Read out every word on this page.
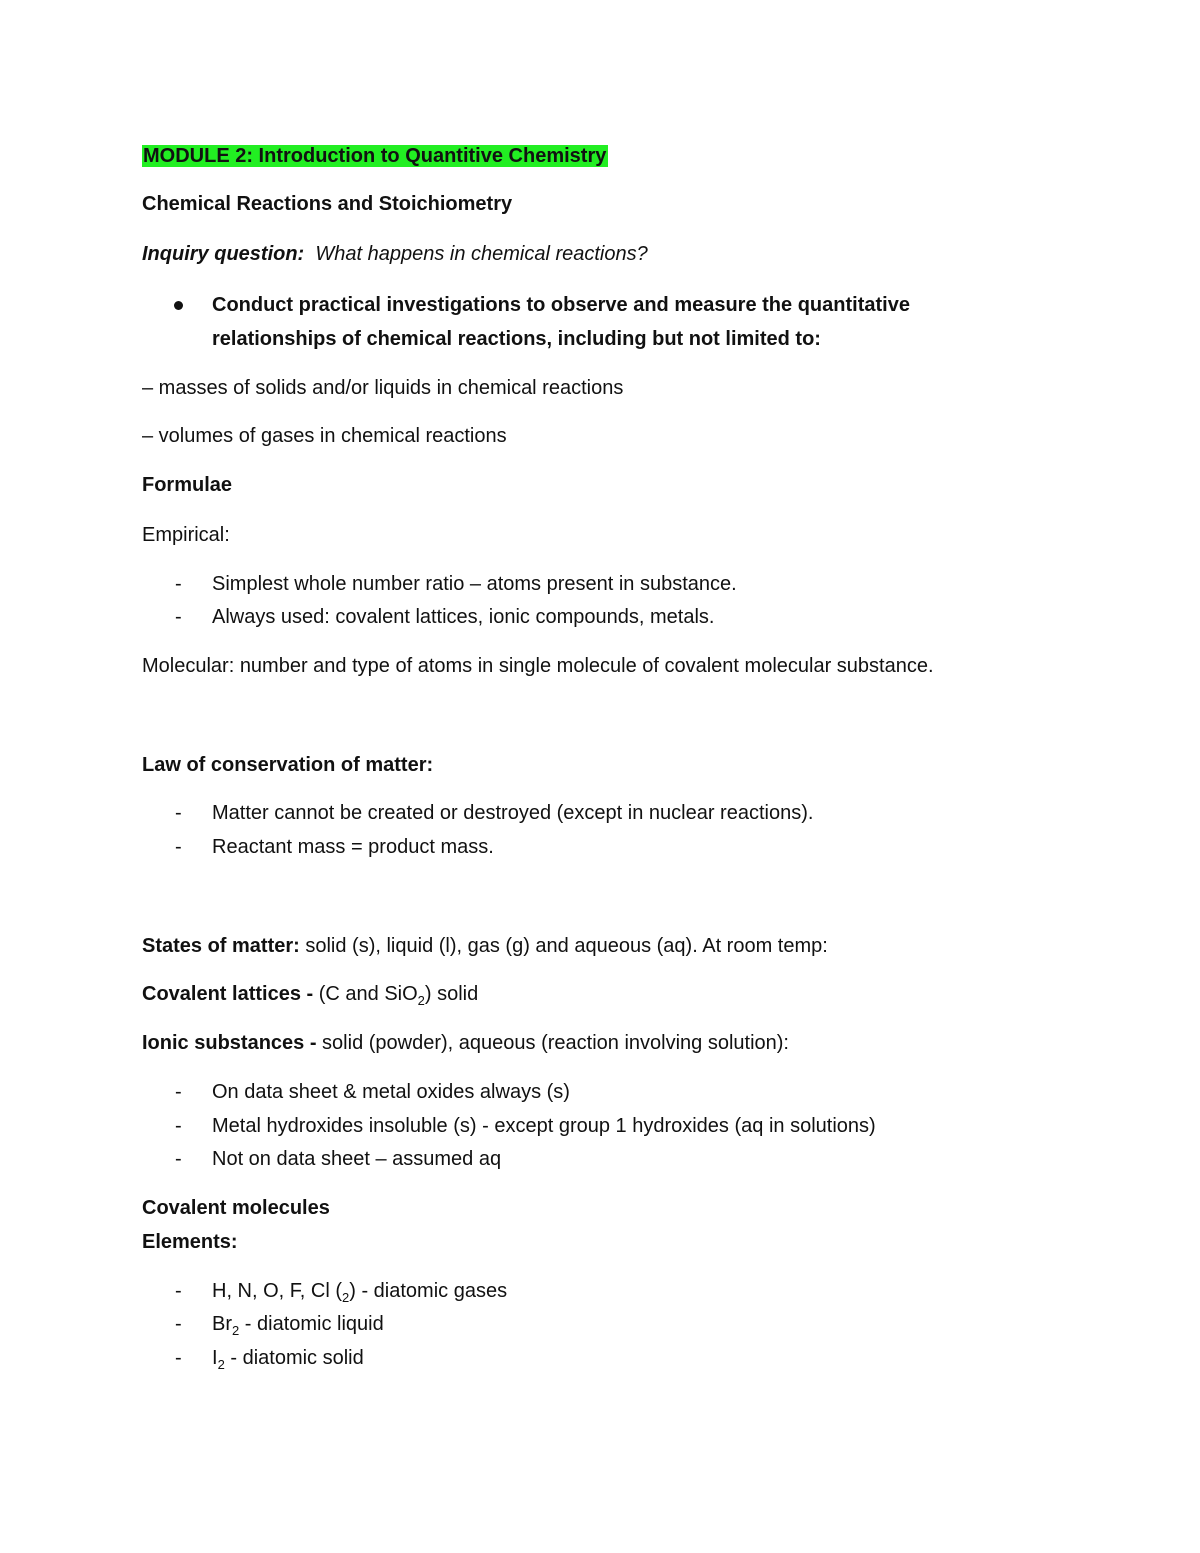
MODULE 2: Introduction to Quantitive Chemistry
Chemical Reactions and Stoichiometry
Inquiry question: What happens in chemical reactions?
Conduct practical investigations to observe and measure the quantitative
relationships of chemical reactions, including but not limited to:
– masses of solids and/or liquids in chemical reactions
– volumes of gases in chemical reactions
Formulae
Empirical:
- Simplest whole number ratio – atoms present in substance.
- Always used: covalent lattices, ionic compounds, metals.
Molecular: number and type of atoms in single molecule of covalent molecular substance.
Law of conservation of matter:
- Matter cannot be created or destroyed (except in nuclear reactions).
- Reactant mass = product mass.
States of matter: solid (s), liquid (l), gas (g) and aqueous (aq). At room temp:
Covalent lattices - (C and SiO$_2$) solid
Ionic substances - solid (powder), aqueous (reaction involving solution):
- On data sheet & metal oxides always (s)
- Metal hydroxides insoluble (s) - except group 1 hydroxides (aq in solutions)
- Not on data sheet – assumed aq
Covalent molecules
Elements:
- H, N, O, F, Cl $(_2)$ - diatomic gases
- $Br_2$ - diatomic liquid
- $I_2$ - diatomic solid
